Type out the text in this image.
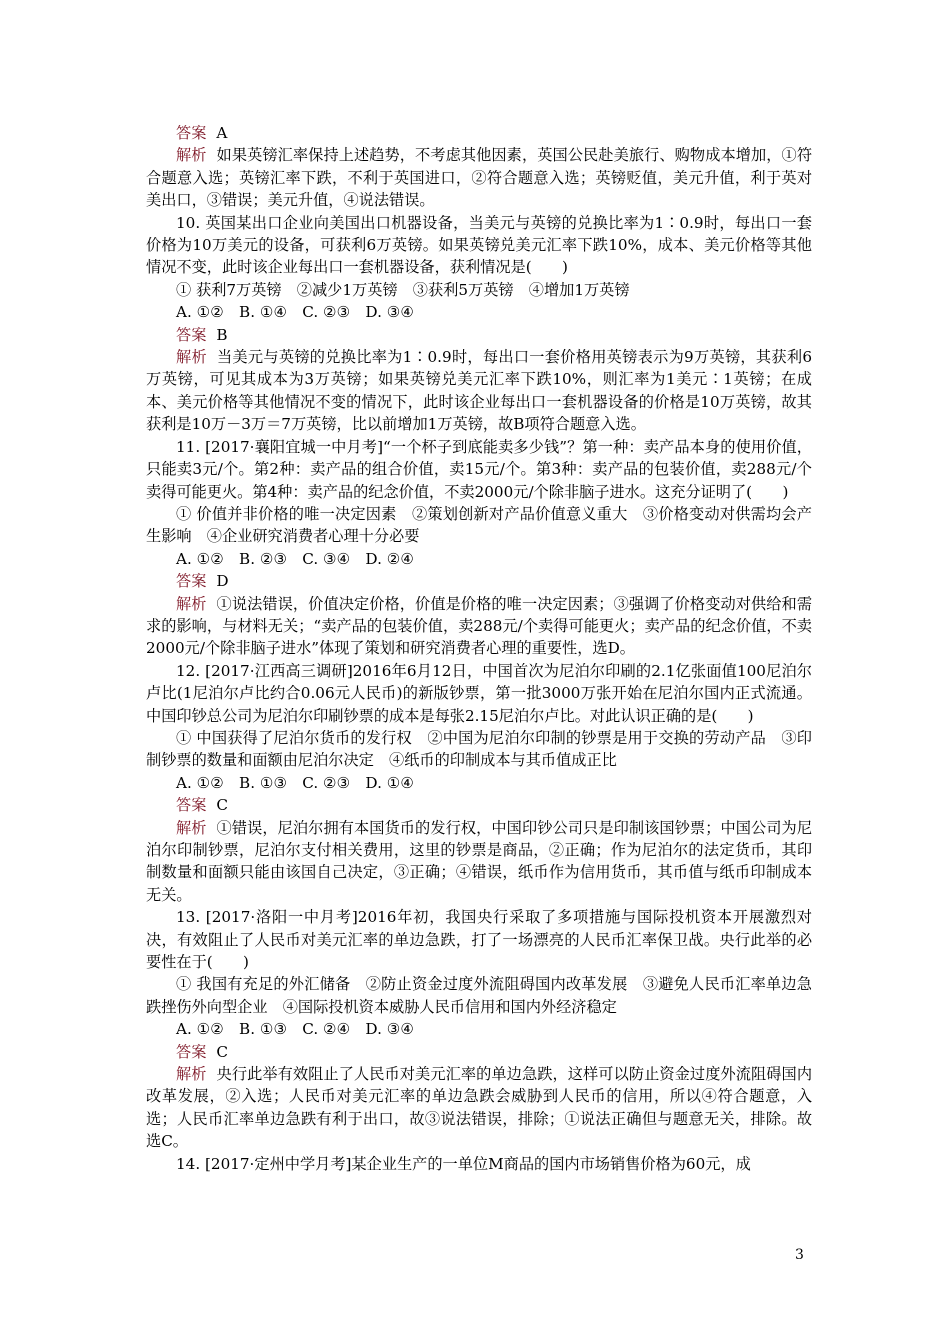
答案 A

解析 如果英镑汇率保持上述趋势，不考虑其他因素，英国公民赴美旅行、购物成本增加，①符合题意入选；英镑汇率下跌，不利于英国进口，②符合题意入选；英镑贬值，美元升值，利于英对美出口，③错误；美元升值，④说法错误。

10. 英国某出口企业向美国出口机器设备，当美元与英镑的兑换比率为1∶0.9时，每出口一套价格为10万美元的设备，可获利6万英镑。如果英镑兑美元汇率下跌10%，成本、美元价格等其他情况不变，此时该企业每出口一套机器设备，获利情况是(　　)

① 获利7万英镑　②减少1万英镑　③获利5万英镑　④增加1万英镑

A. ①②　B. ①④　C. ②③　D. ③④

答案 B

解析 当美元与英镑的兑换比率为1∶0.9时，每出口一套价格用英镑表示为9万英镑，其获利6万英镑，可见其成本为3万英镑；如果英镑兑美元汇率下跌10%，则汇率为1美元∶1英镑；在成本、美元价格等其他情况不变的情况下，此时该企业每出口一套机器设备的价格是10万英镑，故其获利是10万－3万＝7万英镑，比以前增加1万英镑，故B项符合题意入选。

11. [2017·襄阳宜城一中月考]“一个杯子到底能卖多少钱”？第一种：卖产品本身的使用价值，只能卖3元/个。第2种：卖产品的组合价值，卖15元/个。第3种：卖产品的包装价值，卖288元/个卖得可能更火。第4种：卖产品的纪念价值，不卖2000元/个除非脑子进水。这充分证明了(　　)

① 价值并非价格的唯一决定因素　②策划创新对产品价值意义重大　③价格变动对供需均会产生影响　④企业研究消费者心理十分必要

A. ①②　B. ②③　C. ③④　D. ②④

答案 D

解析 ①说法错误，价值决定价格，价值是价格的唯一决定因素；③强调了价格变动对供给和需求的影响，与材料无关；“卖产品的包装价值，卖288元/个卖得可能更火；卖产品的纪念价值，不卖2000元/个除非脑子进水”体现了策划和研究消费者心理的重要性，选D。

12. [2017·江西高三调研]2016年6月12日，中国首次为尼泊尔印刷的2.1亿张面值100尼泊尔卢比(1尼泊尔卢比约合0.06元人民币)的新版钞票，第一批3000万张开始在尼泊尔国内正式流通。中国印钞总公司为尼泊尔印刷钞票的成本是每张2.15尼泊尔卢比。对此认识正确的是(　　)

① 中国获得了尼泊尔货币的发行权　②中国为尼泊尔印制的钞票是用于交换的劳动产品　③印制钞票的数量和面额由尼泊尔决定　④纸币的印制成本与其币值成正比

A. ①②　B. ①③　C. ②③　D. ①④

答案 C

解析 ①错误，尼泊尔拥有本国货币的发行权，中国印钞公司只是印制该国钞票；中国公司为尼泊尔印制钞票，尼泊尔支付相关费用，这里的钞票是商品，②正确；作为尼泊尔的法定货币，其印制数量和面额只能由该国自己决定，③正确；④错误，纸币作为信用货币，其币值与纸币印制成本无关。

13. [2017·洛阳一中月考]2016年初，我国央行采取了多项措施与国际投机资本开展激烈对决，有效阻止了人民币对美元汇率的单边急跌，打了一场漂亮的人民币汇率保卫战。央行此举的必要性在于(　　)

① 我国有充足的外汇储备　②防止资金过度外流阻碍国内改革发展　③避免人民币汇率单边急跌挫伤外向型企业　④国际投机资本威胁人民币信用和国内外经济稳定

A. ①②　B. ①③　C. ②④　D. ③④

答案 C

解析 央行此举有效阻止了人民币对美元汇率的单边急跌，这样可以防止资金过度外流阻碍国内改革发展，②入选；人民币对美元汇率的单边急跌会威胁到人民币的信用，所以④符合题意，入选；人民币汇率单边急跌有利于出口，故③说法错误，排除；①说法正确但与题意无关，排除。故选C。

14. [2017·定州中学月考]某企业生产的一单位M商品的国内市场销售价格为60元，成

3
